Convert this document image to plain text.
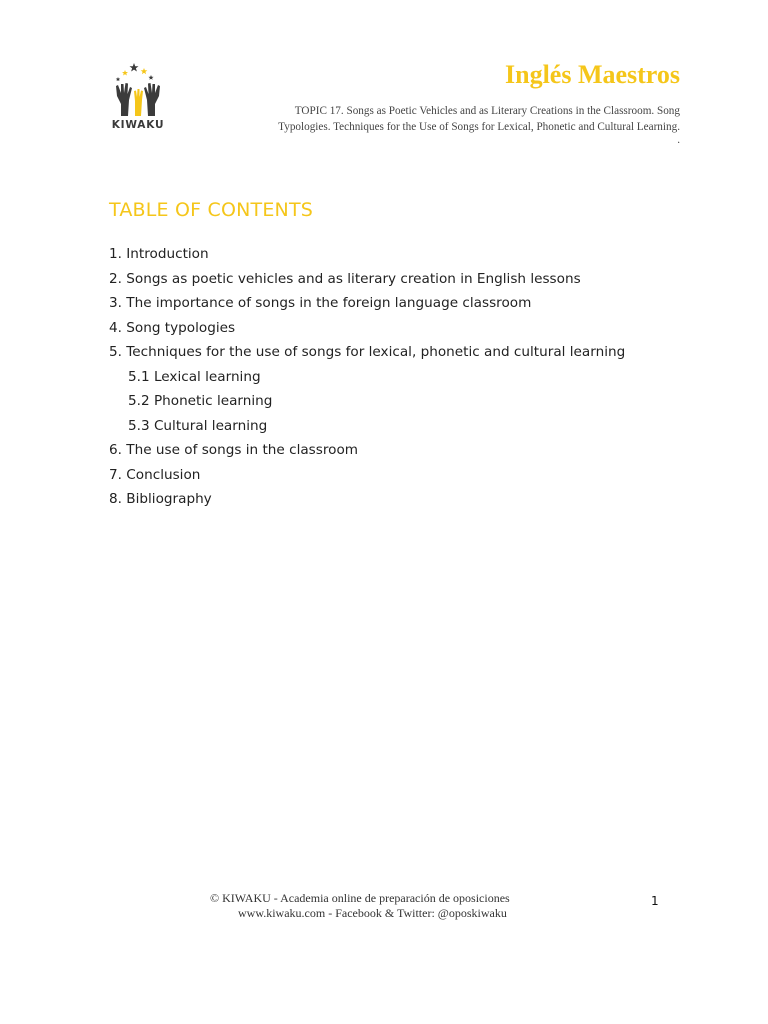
KIWAKU
Inglés Maestros
TOPIC 17. Songs as Poetic Vehicles and as Literary Creations in the Classroom. Song Typologies. Techniques for the Use of Songs for Lexical, Phonetic and Cultural Learning.
.
TABLE OF CONTENTS
1. Introduction
2. Songs as poetic vehicles and as literary creation in English lessons
3. The importance of songs in the foreign language classroom
4. Song typologies
5. Techniques for the use of songs for lexical, phonetic and cultural learning
5.1 Lexical learning
5.2 Phonetic learning
5.3 Cultural learning
6. The use of songs in the classroom
7. Conclusion
8. Bibliography
© KIWAKU - Academia online de preparación de oposiciones
www.kiwaku.com - Facebook & Twitter: @oposkiwaku
1
